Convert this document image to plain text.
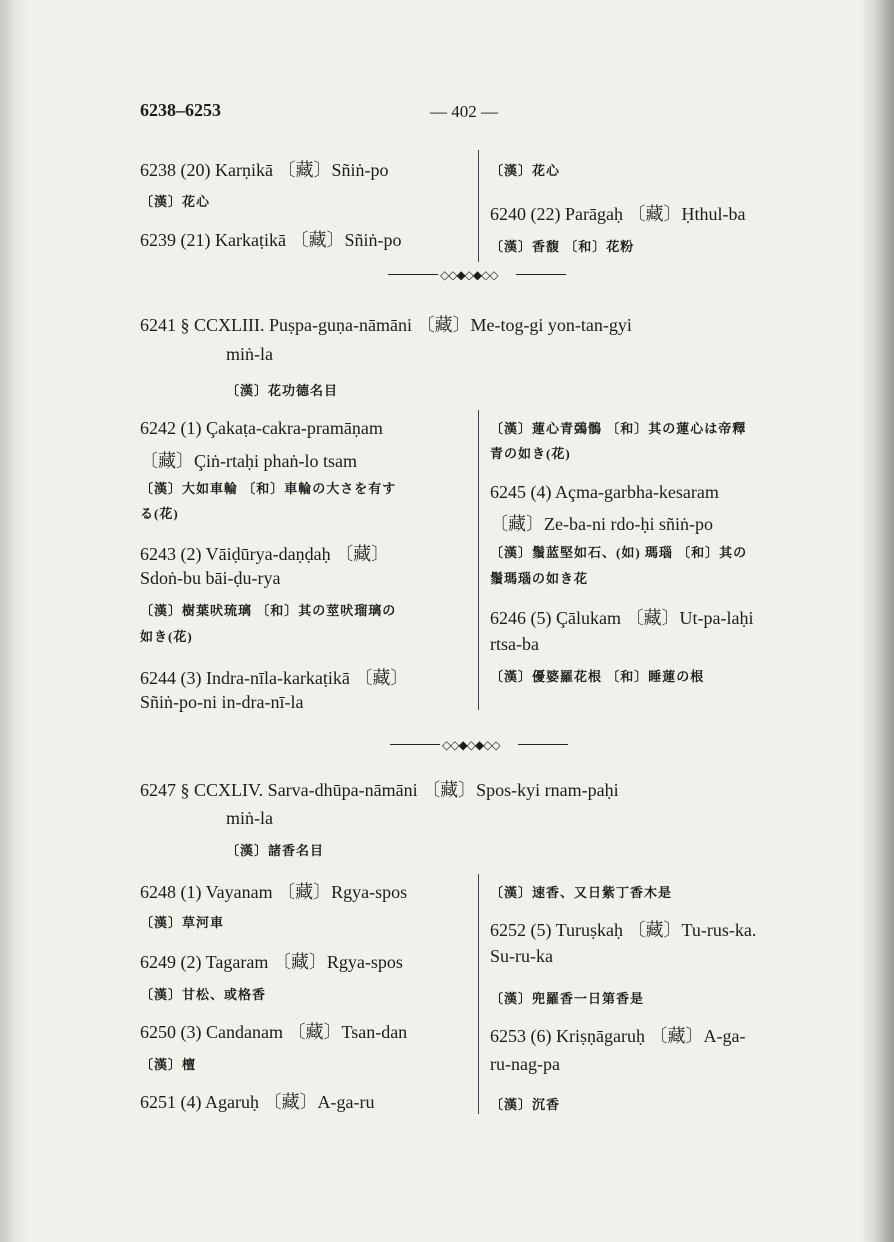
6238–6253	— 402 —
6238 (20) Karṇikā 〔藏〕Sñiṅ-po
〔漢〕花心
6239 (21) Karkaṭikā 〔藏〕Sñiṅ-po
〔漢〕花心
6240 (22) Parāgaḥ 〔藏〕Ḥthul-ba
〔漢〕香馥 〔和〕花粉
◇◇◆◇◆◇◇
6241 § CCXLIII. Puṣpa-guṇa-nāmāni 〔藏〕Me-tog-gi yon-tan-gyi
miṅ-la
〔漢〕花功德名目
6242 (1) Çakaṭa-cakra-pramāṇam
〔藏〕Çiṅ-rtaḥi phaṅ-lo tsam
〔漢〕大如車輪 〔和〕車輪の大さを有す
る(花)
6243 (2) Vāiḍūrya-daṇḍaḥ 〔藏〕
Sdoṅ-bu bāi-ḍu-rya
〔漢〕樹葉吠琉璃 〔和〕其の莖吠瑠璃の
如き(花)
6244 (3) Indra-nīla-karkaṭikā 〔藏〕
Sñiṅ-po-ni in-dra-nī-la
〔漢〕蓮心青鵶鶻 〔和〕其の蓮心は帝釋
青の如き(花)
6245 (4) Açma-garbha-kesaram
〔藏〕Ze-ba-ni rdo-ḥi sñiṅ-po
〔漢〕鬚蓝堅如石、(如) 瑪瑙 〔和〕其の
鬚瑪瑙の如き花
6246 (5) Çālukam 〔藏〕Ut-pa-laḥi
rtsa-ba
〔漢〕優婆羅花根 〔和〕睡蓮の根
◇◇◆◇◆◇◇
6247 § CCXLIV. Sarva-dhūpa-nāmāni 〔藏〕Spos-kyi rnam-paḥi
miṅ-la
〔漢〕諸香名目
6248 (1) Vayanam 〔藏〕Rgya-spos
〔漢〕草河車
6249 (2) Tagaram 〔藏〕Rgya-spos
〔漢〕甘松、或格香
6250 (3) Candanam 〔藏〕Tsan-dan
〔漢〕檀
6251 (4) Agaruḥ 〔藏〕A-ga-ru
〔漢〕速香、又日紫丁香木是
6252 (5) Turuṣkaḥ 〔藏〕Tu-rus-ka.
Su-ru-ka
〔漢〕兜羅香一日第香是
6253 (6) Kriṣṇāgaruḥ 〔藏〕A-ga-
ru-nag-pa
〔漢〕沉香
